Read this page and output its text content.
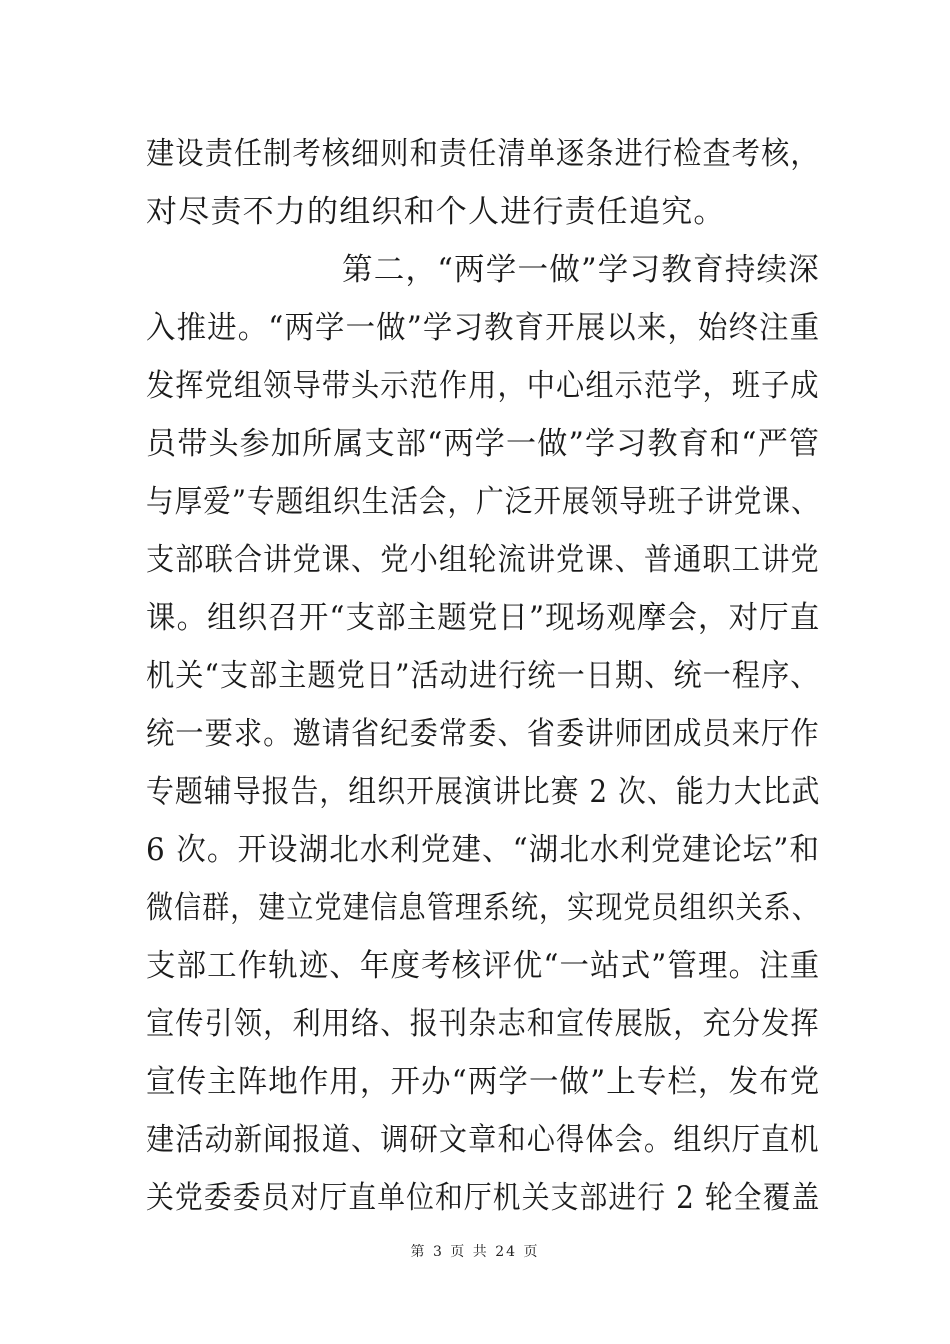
建设责任制考核细则和责任清单逐条进行检查考核，
对尽责不力的组织和个人进行责任追究。
第二，“两学一做”学习教育持续深
入推进。“两学一做”学习教育开展以来，始终注重
发挥党组领导带头示范作用，中心组示范学，班子成
员带头参加所属支部“两学一做”学习教育和“严管
与厚爱”专题组织生活会，广泛开展领导班子讲党课、
支部联合讲党课、党小组轮流讲党课、普通职工讲党
课。组织召开“支部主题党日”现场观摩会，对厅直
机关“支部主题党日”活动进行统一日期、统一程序、
统一要求。邀请省纪委常委、省委讲师团成员来厅作
专题辅导报告，组织开展演讲比赛 2 次、能力大比武
6 次。开设湖北水利党建、“湖北水利党建论坛”和
微信群，建立党建信息管理系统，实现党员组织关系、
支部工作轨迹、年度考核评优“一站式”管理。注重
宣传引领，利用络、报刊杂志和宣传展版，充分发挥
宣传主阵地作用，开办“两学一做”上专栏，发布党
建活动新闻报道、调研文章和心得体会。组织厅直机
关党委委员对厅直单位和厅机关支部进行 2 轮全覆盖
第 3 页 共 24 页
